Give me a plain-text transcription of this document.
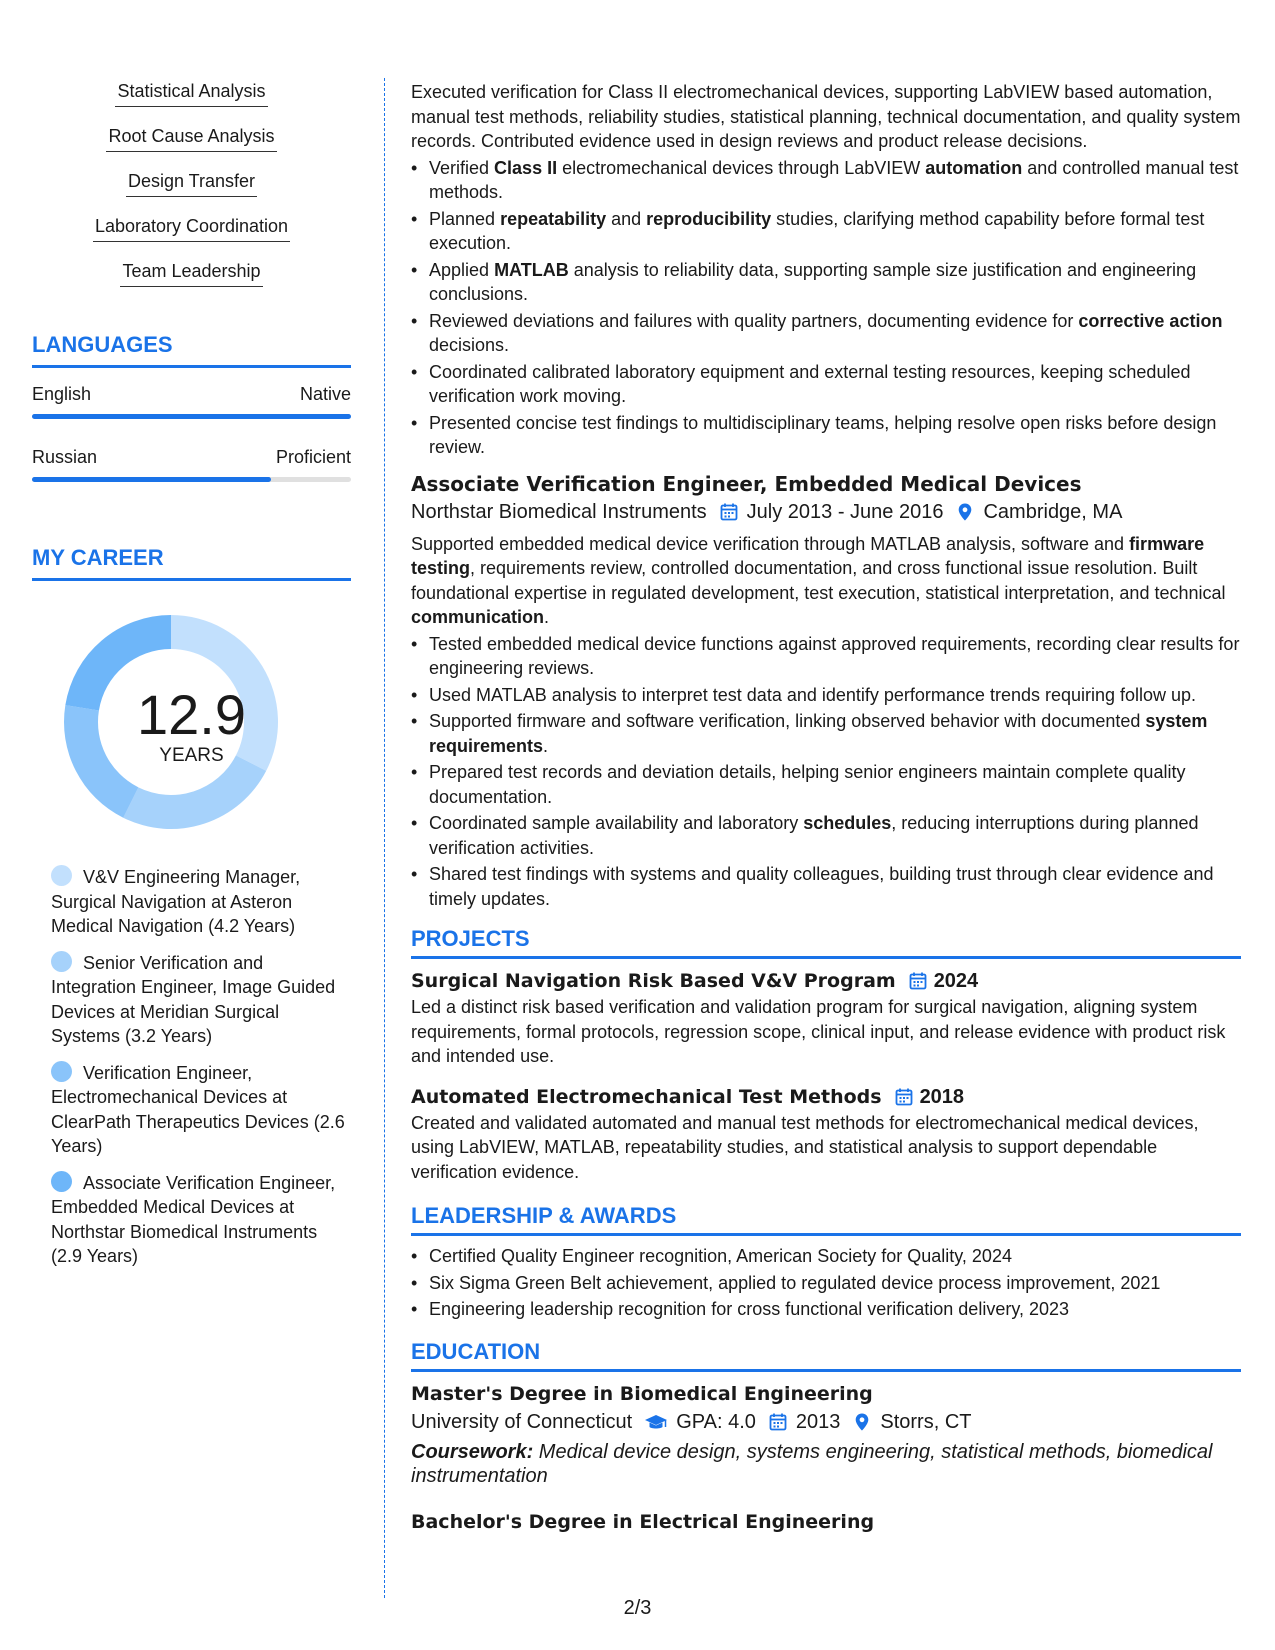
Statistical Analysis
Root Cause Analysis
Design Transfer
Laboratory Coordination
Team Leadership
LANGUAGES
English	Native
Russian	Proficient
MY CAREER
12.9
YEARS
V&V Engineering Manager, Surgical Navigation at Asteron Medical Navigation (4.2 Years)
Senior Verification and Integration Engineer, Image Guided Devices at Meridian Surgical Systems (3.2 Years)
Verification Engineer, Electromechanical Devices at ClearPath Therapeutics Devices (2.6 Years)
Associate Verification Engineer, Embedded Medical Devices at Northstar Biomedical Instruments (2.9 Years)

Executed verification for Class II electromechanical devices, supporting LabVIEW based automation, manual test methods, reliability studies, statistical planning, technical documentation, and quality system records. Contributed evidence used in design reviews and product release decisions.

• Verified Class II electromechanical devices through LabVIEW automation and controlled manual test methods.
• Planned repeatability and reproducibility studies, clarifying method capability before formal test execution.
• Applied MATLAB analysis to reliability data, supporting sample size justification and engineering conclusions.
• Reviewed deviations and failures with quality partners, documenting evidence for corrective action decisions.
• Coordinated calibrated laboratory equipment and external testing resources, keeping scheduled verification work moving.
• Presented concise test findings to multidisciplinary teams, helping resolve open risks before design review.
Associate Verification Engineer, Embedded Medical Devices
Northstar Biomedical Instruments July 2013 - June 2016 Cambridge, MA

Supported embedded medical device verification through MATLAB analysis, software and firmware testing, requirements review, controlled documentation, and cross functional issue resolution. Built foundational expertise in regulated development, test execution, statistical interpretation, and technical communication.

• Tested embedded medical device functions against approved requirements, recording clear results for engineering reviews.
• Used MATLAB analysis to interpret test data and identify performance trends requiring follow up.
• Supported firmware and software verification, linking observed behavior with documented system requirements.
• Prepared test records and deviation details, helping senior engineers maintain complete quality documentation.
• Coordinated sample availability and laboratory schedules, reducing interruptions during planned verification activities.
• Shared test findings with systems and quality colleagues, building trust through clear evidence and timely updates.
PROJECTS
Surgical Navigation Risk Based V&V Program 2024

Led a distinct risk based verification and validation program for surgical navigation, aligning system requirements, formal protocols, regression scope, clinical input, and release evidence with product risk and intended use.

Automated Electromechanical Test Methods 2018

Created and validated automated and manual test methods for electromechanical medical devices, using LabVIEW, MATLAB, repeatability studies, and statistical analysis to support dependable verification evidence.

LEADERSHIP & AWARDS
• Certified Quality Engineer recognition, American Society for Quality, 2024
• Six Sigma Green Belt achievement, applied to regulated device process improvement, 2021
• Engineering leadership recognition for cross functional verification delivery, 2023
EDUCATION
Master's Degree in Biomedical Engineering
University of Connecticut GPA: 4.0 2013 Storrs, CT

Coursework: Medical device design, systems engineering, statistical methods, biomedical instrumentation

Bachelor's Degree in Electrical Engineering
2/3
